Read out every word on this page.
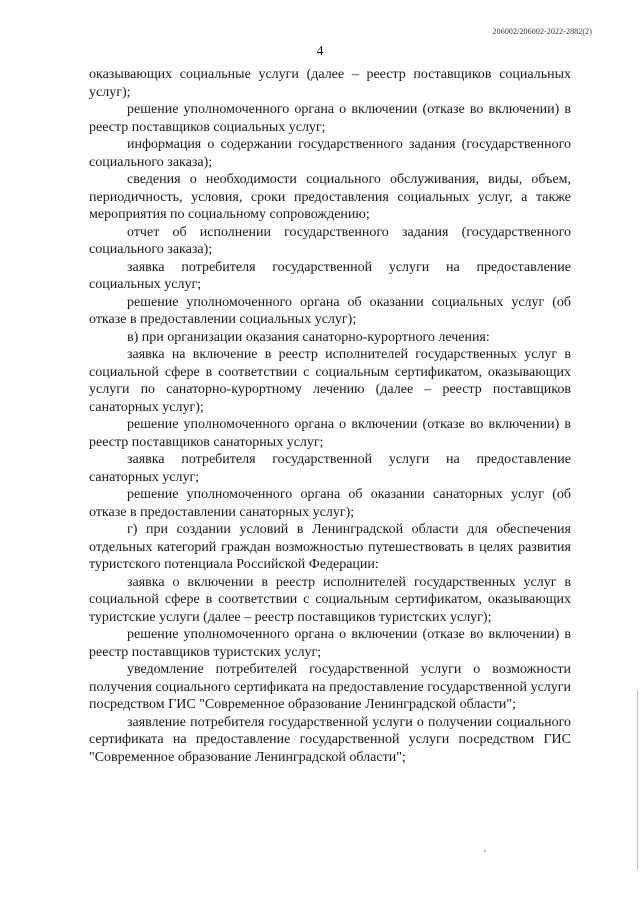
206002/206002-2022-2882(2)
4

оказывающих социальные услуги (далее – реестр поставщиков социальных услуг);

решение уполномоченного органа о включении (отказе во включении) в реестр поставщиков социальных услуг;

информация о содержании государственного задания (государственного социального заказа);

сведения о необходимости социального обслуживания, виды, объем, периодичность, условия, сроки предоставления социальных услуг, а также мероприятия по социальному сопровождению;

отчет об исполнении государственного задания (государственного социального заказа);

заявка потребителя государственной услуги на предоставление социальных услуг;

решение уполномоченного органа об оказании социальных услуг (об отказе в предоставлении социальных услуг);

в) при организации оказания санаторно-курортного лечения:

заявка на включение в реестр исполнителей государственных услуг в социальной сфере в соответствии с социальным сертификатом, оказывающих услуги по санаторно-курортному лечению (далее – реестр поставщиков санаторных услуг);

решение уполномоченного органа о включении (отказе во включении) в реестр поставщиков санаторных услуг;

заявка потребителя государственной услуги на предоставление санаторных услуг;

решение уполномоченного органа об оказании санаторных услуг (об отказе в предоставлении санаторных услуг);

г) при создании условий в Ленинградской области для обеспечения отдельных категорий граждан возможностью путешествовать в целях развития туристского потенциала Российской Федерации:

заявка о включении в реестр исполнителей государственных услуг в социальной сфере в соответствии с социальным сертификатом, оказывающих туристские услуги (далее – реестр поставщиков туристских услуг);

решение уполномоченного органа о включении (отказе во включении) в реестр поставщиков туристских услуг;

уведомление потребителей государственной услуги о возможности получения социального сертификата на предоставление государственной услуги посредством ГИС "Современное образование Ленинградской области";

заявление потребителя государственной услуги о получении социального сертификата на предоставление государственной услуги посредством ГИС "Современное образование Ленинградской области";
